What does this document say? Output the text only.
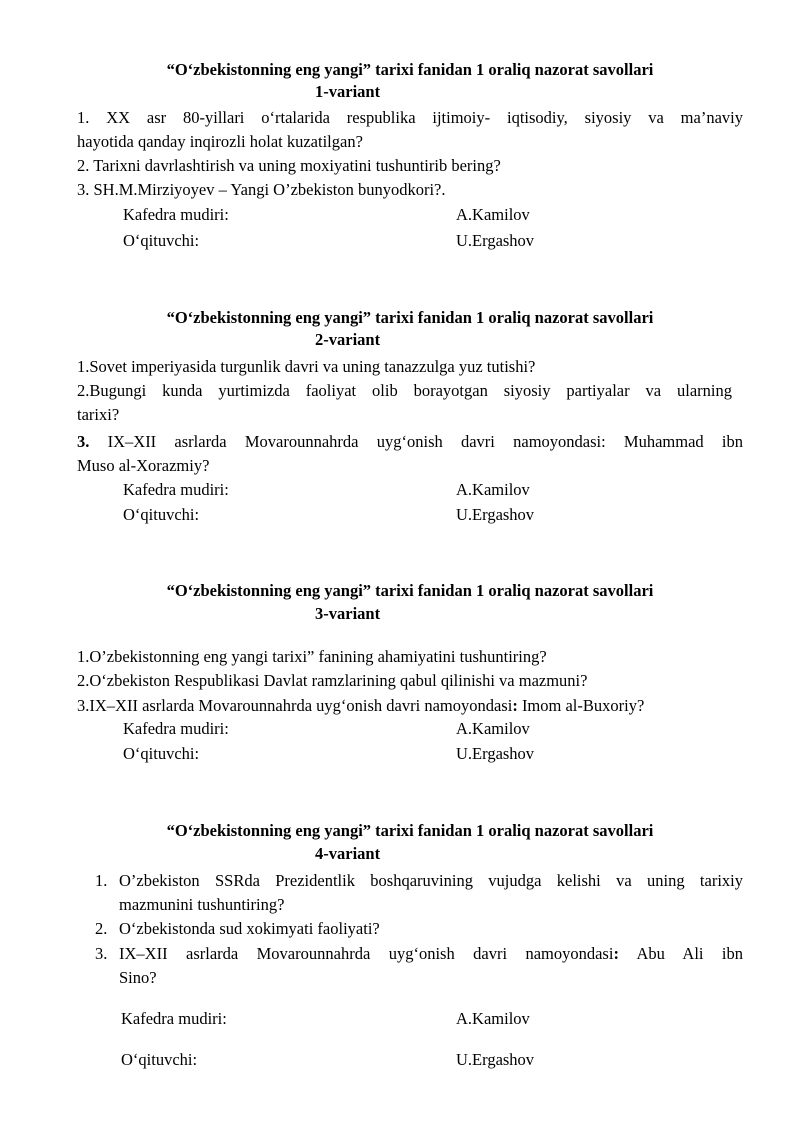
“O‘zbekistonning eng yangi” tarixi fanidan 1 oraliq nazorat savollari
1-variant
1. XX asr 80-yillari o‘rtalarida respublika ijtimoiy- iqtisodiy, siyosiy va ma’naviy
hayotida qanday inqirozli holat kuzatilgan?
2. Tarixni davrlashtirish va uning moxiyatini tushuntirib bering?
3. SH.M.Mirziyoyev – Yangi O’zbekiston bunyodkori?.
Kafedra mudiri:	A.Kamilov
O‘qituvchi:	U.Ergashov
“O‘zbekistonning eng yangi” tarixi fanidan 1 oraliq nazorat savollari
2-variant
1.Sovet imperiyasida turgunlik davri va uning tanazzulga yuz tutishi?
2.Bugungi kunda yurtimizda faoliyat olib borayotgan siyosiy partiyalar va ularning
tarixi?
3. IX–XII asrlarda Movarounnahrda uyg‘onish davri namoyondasi: Muhammad ibn
Muso al-Xorazmiy?
Kafedra mudiri:	A.Kamilov
O‘qituvchi:	U.Ergashov
“O‘zbekistonning eng yangi” tarixi fanidan 1 oraliq nazorat savollari
3-variant
1.O’zbekistonning eng yangi tarixi” fanining ahamiyatini tushuntiring?
2.O‘zbekiston Respublikasi Davlat ramzlarining qabul qilinishi va mazmuni?
3.IX–XII asrlarda Movarounnahrda uyg‘onish davri namoyondasi: Imom al-Buxoriy?
Kafedra mudiri:	A.Kamilov
O‘qituvchi:	U.Ergashov
“O‘zbekistonning eng yangi” tarixi fanidan 1 oraliq nazorat savollari
4-variant
1. O’zbekiston SSRda Prezidentlik boshqaruvining vujudga kelishi va uning tarixiy
mazmunini tushuntiring?
2. O‘zbekistonda sud xokimyati faoliyati?
3. IX–XII asrlarda Movarounnahrda uyg‘onish davri namoyondasi: Abu Ali ibn
Sino?
Kafedra mudiri:	A.Kamilov
O‘qituvchi:	U.Ergashov
